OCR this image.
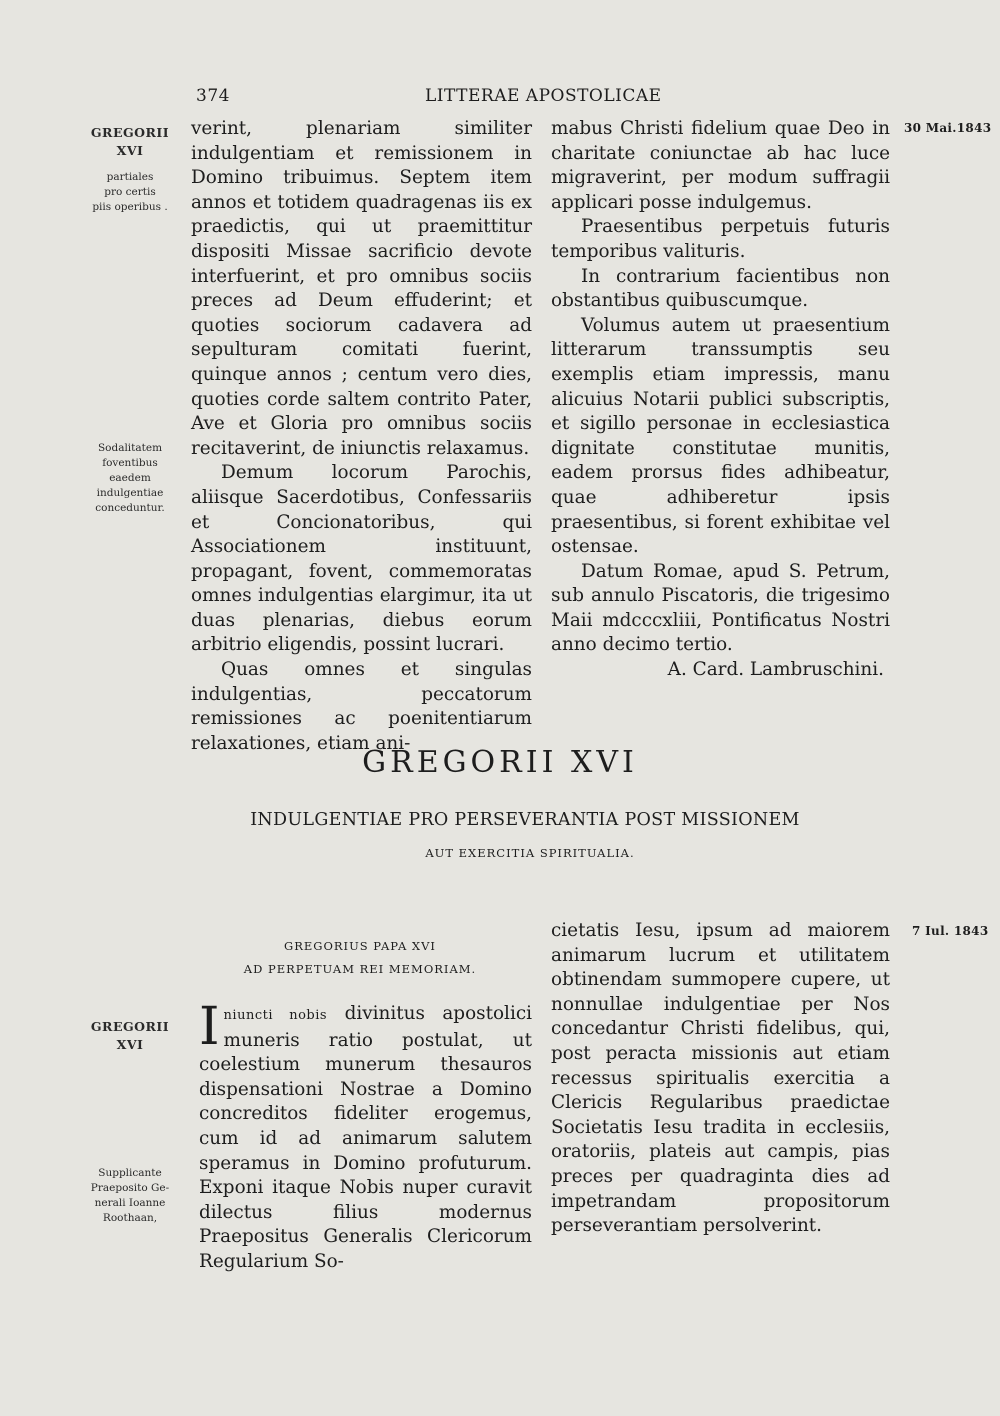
374	LITTERAE APOSTOLICAE
GREGORII
XVI
partiales
pro certis
piis operibus .
Sodalitatem
foventibus
eaedem
indulgentiae
conceduntur.
GREGORII
XVI
Supplicante
Praeposito Ge-
nerali Ioanne
Roothaan,
30 Mai.1843
7 Iul. 1843

verint, plenariam similiter indulgentiam et remissionem in Domino tribuimus. Septem item annos et totidem quadragenas iis ex praedictis, qui ut praemittitur dispositi Missae sacrificio devote interfuerint, et pro omnibus sociis preces ad Deum effuderint; et quoties sociorum cadavera ad sepulturam comitati fuerint, quinque annos ; centum vero dies, quoties corde saltem contrito Pater, Ave et Gloria pro omnibus sociis recitaverint, de iniunctis relaxamus.

Demum locorum Parochis, aliisque Sacerdotibus, Confessariis et Concionatoribus, qui Associationem instituunt, propagant, fovent, commemoratas omnes indulgentias elargimur, ita ut duas plenarias, diebus eorum arbitrio eligendis, possint lucrari.

Quas omnes et singulas indulgentias, peccatorum remissiones ac poenitentiarum relaxationes, etiam ani-

mabus Christi fidelium quae Deo in charitate coniunctae ab hac luce migraverint, per modum suffragii applicari posse indulgemus.

Praesentibus perpetuis futuris temporibus valituris.

In contrarium facientibus non obstantibus quibuscumque.

Volumus autem ut praesentium litterarum transsumptis seu exemplis etiam impressis, manu alicuius Notarii publici subscriptis, et sigillo personae in ecclesiastica dignitate constitutae munitis, eadem prorsus fides adhibeatur, quae adhiberetur ipsis praesentibus, si forent exhibitae vel ostensae.

Datum Romae, apud S. Petrum, sub annulo Piscatoris, die trigesimo Maii mdcccxliii, Pontificatus Nostri anno decimo tertio.

A. Card. Lambruschini.

GREGORII XVI
INDULGENTIAE PRO PERSEVERANTIA POST MISSIONEM
AUT EXERCITIA SPIRITUALIA.
GREGORIUS PAPA XVI
AD PERPETUAM REI MEMORIAM.

Iniuncti nobis divinitus apostolici muneris ratio postulat, ut coelestium munerum thesauros dispensationi Nostrae a Domino concreditos fideliter erogemus, cum id ad animarum salutem speramus in Domino profuturum. Exponi itaque Nobis nuper curavit dilectus filius modernus Praepositus Generalis Clericorum Regularium So-

cietatis Iesu, ipsum ad maiorem animarum lucrum et utilitatem obtinendam summopere cupere, ut nonnullae indulgentiae per Nos concedantur Christi fidelibus, qui, post peracta missionis aut etiam recessus spiritualis exercitia a Clericis Regularibus praedictae Societatis Iesu tradita in ecclesiis, oratoriis, plateis aut campis, pias preces per quadraginta dies ad impetrandam propositorum perseverantiam persolverint.
